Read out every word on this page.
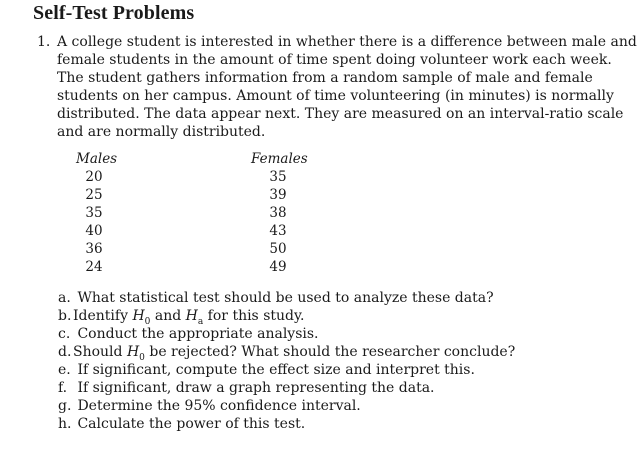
Self-Test Problems
1. A college student is interested in whether there is a difference between male and
female students in the amount of time spent doing volunteer work each week.
The student gathers information from a random sample of male and female
students on her campus. Amount of time volunteering (in minutes) is normally
distributed. The data appear next. They are measured on an interval-ratio scale
and are normally distributed.
Males	Females
20
25
35
40
36
24
35
39
38
43
50
49
a. What statistical test should be used to analyze these data?
b. Identify $H_0$ and $H_a$ for this study.
c. Conduct the appropriate analysis.
d. Should $H_0$ be rejected? What should the researcher conclude?
e. If significant, compute the effect size and interpret this.
f. If significant, draw a graph representing the data.
g. Determine the 95% confidence interval.
h. Calculate the power of this test.
